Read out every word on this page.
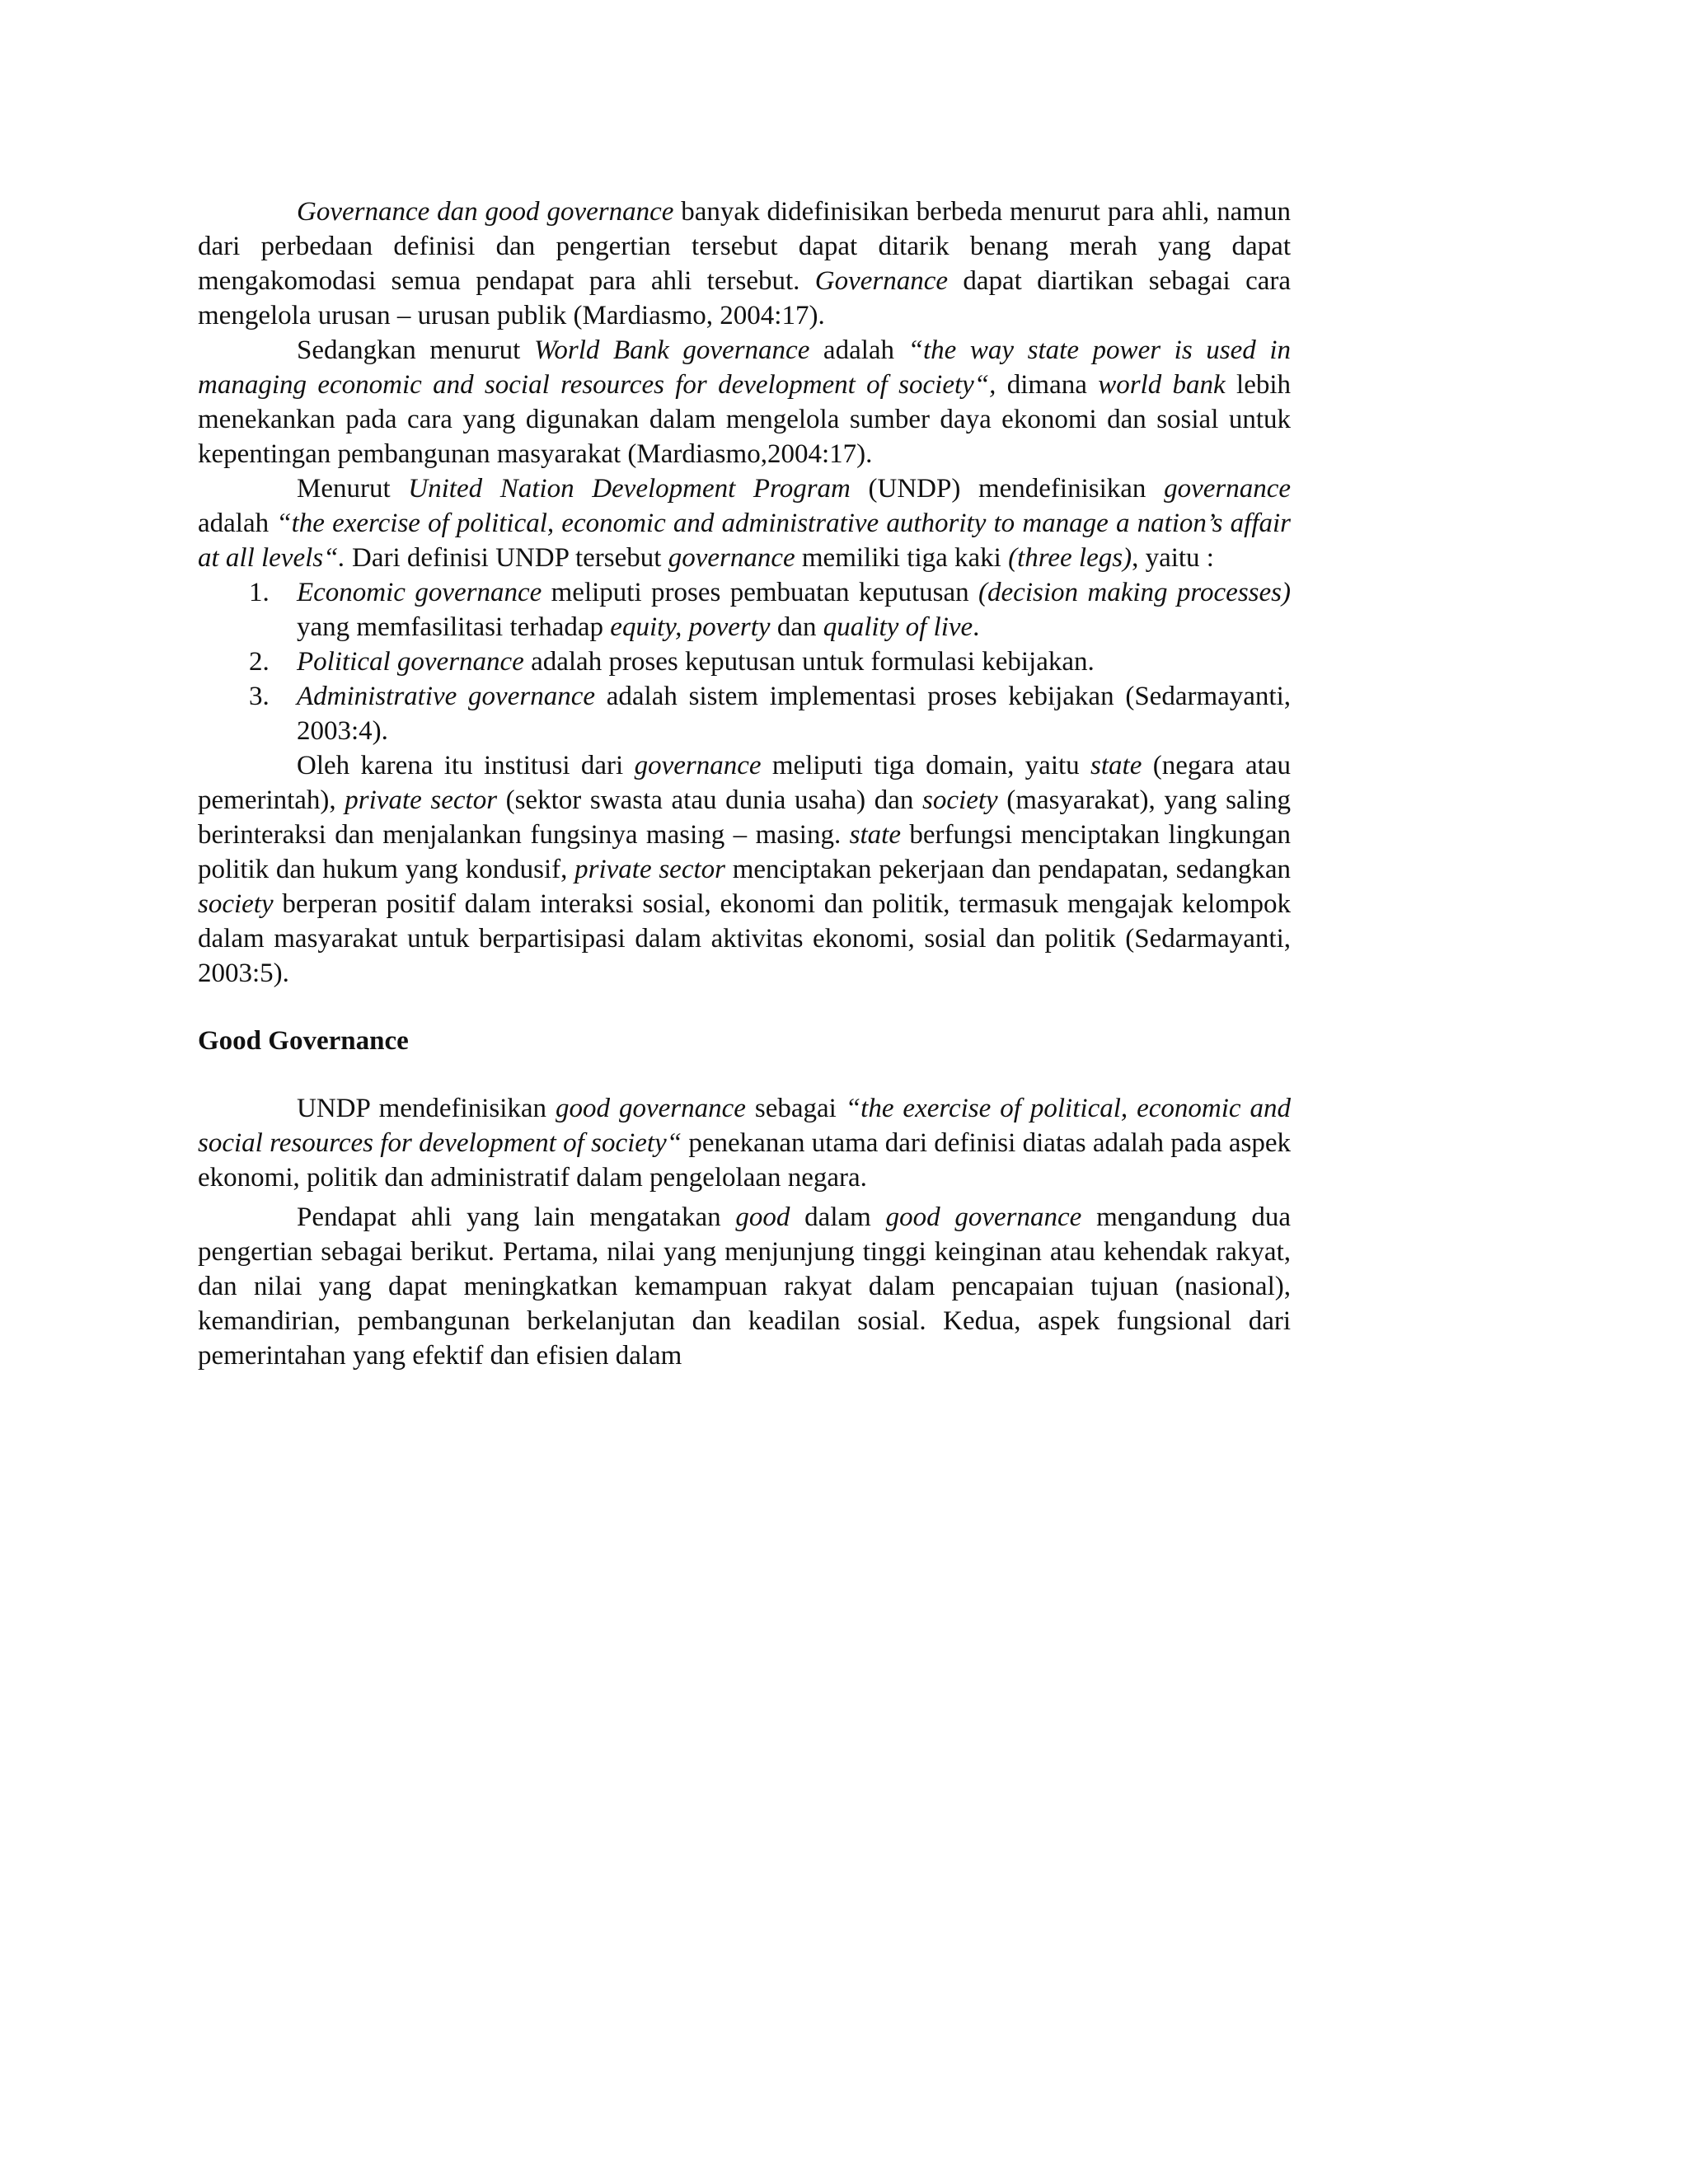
Governance dan good governance banyak didefinisikan berbeda menurut para ahli, namun dari perbedaan definisi dan pengertian tersebut dapat ditarik benang merah yang dapat mengakomodasi semua pendapat para ahli tersebut. Governance dapat diartikan sebagai cara mengelola urusan – urusan publik (Mardiasmo, 2004:17).

Sedangkan menurut World Bank governance adalah “the way state power is used in managing economic and social resources for development of society“, dimana world bank lebih menekankan pada cara yang digunakan dalam mengelola sumber daya ekonomi dan sosial untuk kepentingan pembangunan masyarakat (Mardiasmo,2004:17).

Menurut United Nation Development Program (UNDP) mendefinisikan governance adalah “the exercise of political, economic and administrative authority to manage a nation’s affair at all levels“. Dari definisi UNDP tersebut governance memiliki tiga kaki (three legs), yaitu :

1. Economic governance meliputi proses pembuatan keputusan (decision making processes) yang memfasilitasi terhadap equity, poverty dan quality of live.
2. Political governance adalah proses keputusan untuk formulasi kebijakan.
3. Administrative governance adalah sistem implementasi proses kebijakan (Sedarmayanti, 2003:4).

Oleh karena itu institusi dari governance meliputi tiga domain, yaitu state (negara atau pemerintah), private sector (sektor swasta atau dunia usaha) dan society (masyarakat), yang saling berinteraksi dan menjalankan fungsinya masing – masing. state berfungsi menciptakan lingkungan politik dan hukum yang kondusif, private sector menciptakan pekerjaan dan pendapatan, sedangkan society berperan positif dalam interaksi sosial, ekonomi dan politik, termasuk mengajak kelompok dalam masyarakat untuk berpartisipasi dalam aktivitas ekonomi, sosial dan politik (Sedarmayanti, 2003:5).

Good Governance

UNDP mendefinisikan good governance sebagai “the exercise of political, economic and social resources for development of society“ penekanan utama dari definisi diatas adalah pada aspek ekonomi, politik dan administratif dalam pengelolaan negara.

Pendapat ahli yang lain mengatakan good dalam good governance mengandung dua pengertian sebagai berikut. Pertama, nilai yang menjunjung tinggi keinginan atau kehendak rakyat, dan nilai yang dapat meningkatkan kemampuan rakyat dalam pencapaian tujuan (nasional), kemandirian, pembangunan berkelanjutan dan keadilan sosial. Kedua, aspek fungsional dari pemerintahan yang efektif dan efisien dalam
